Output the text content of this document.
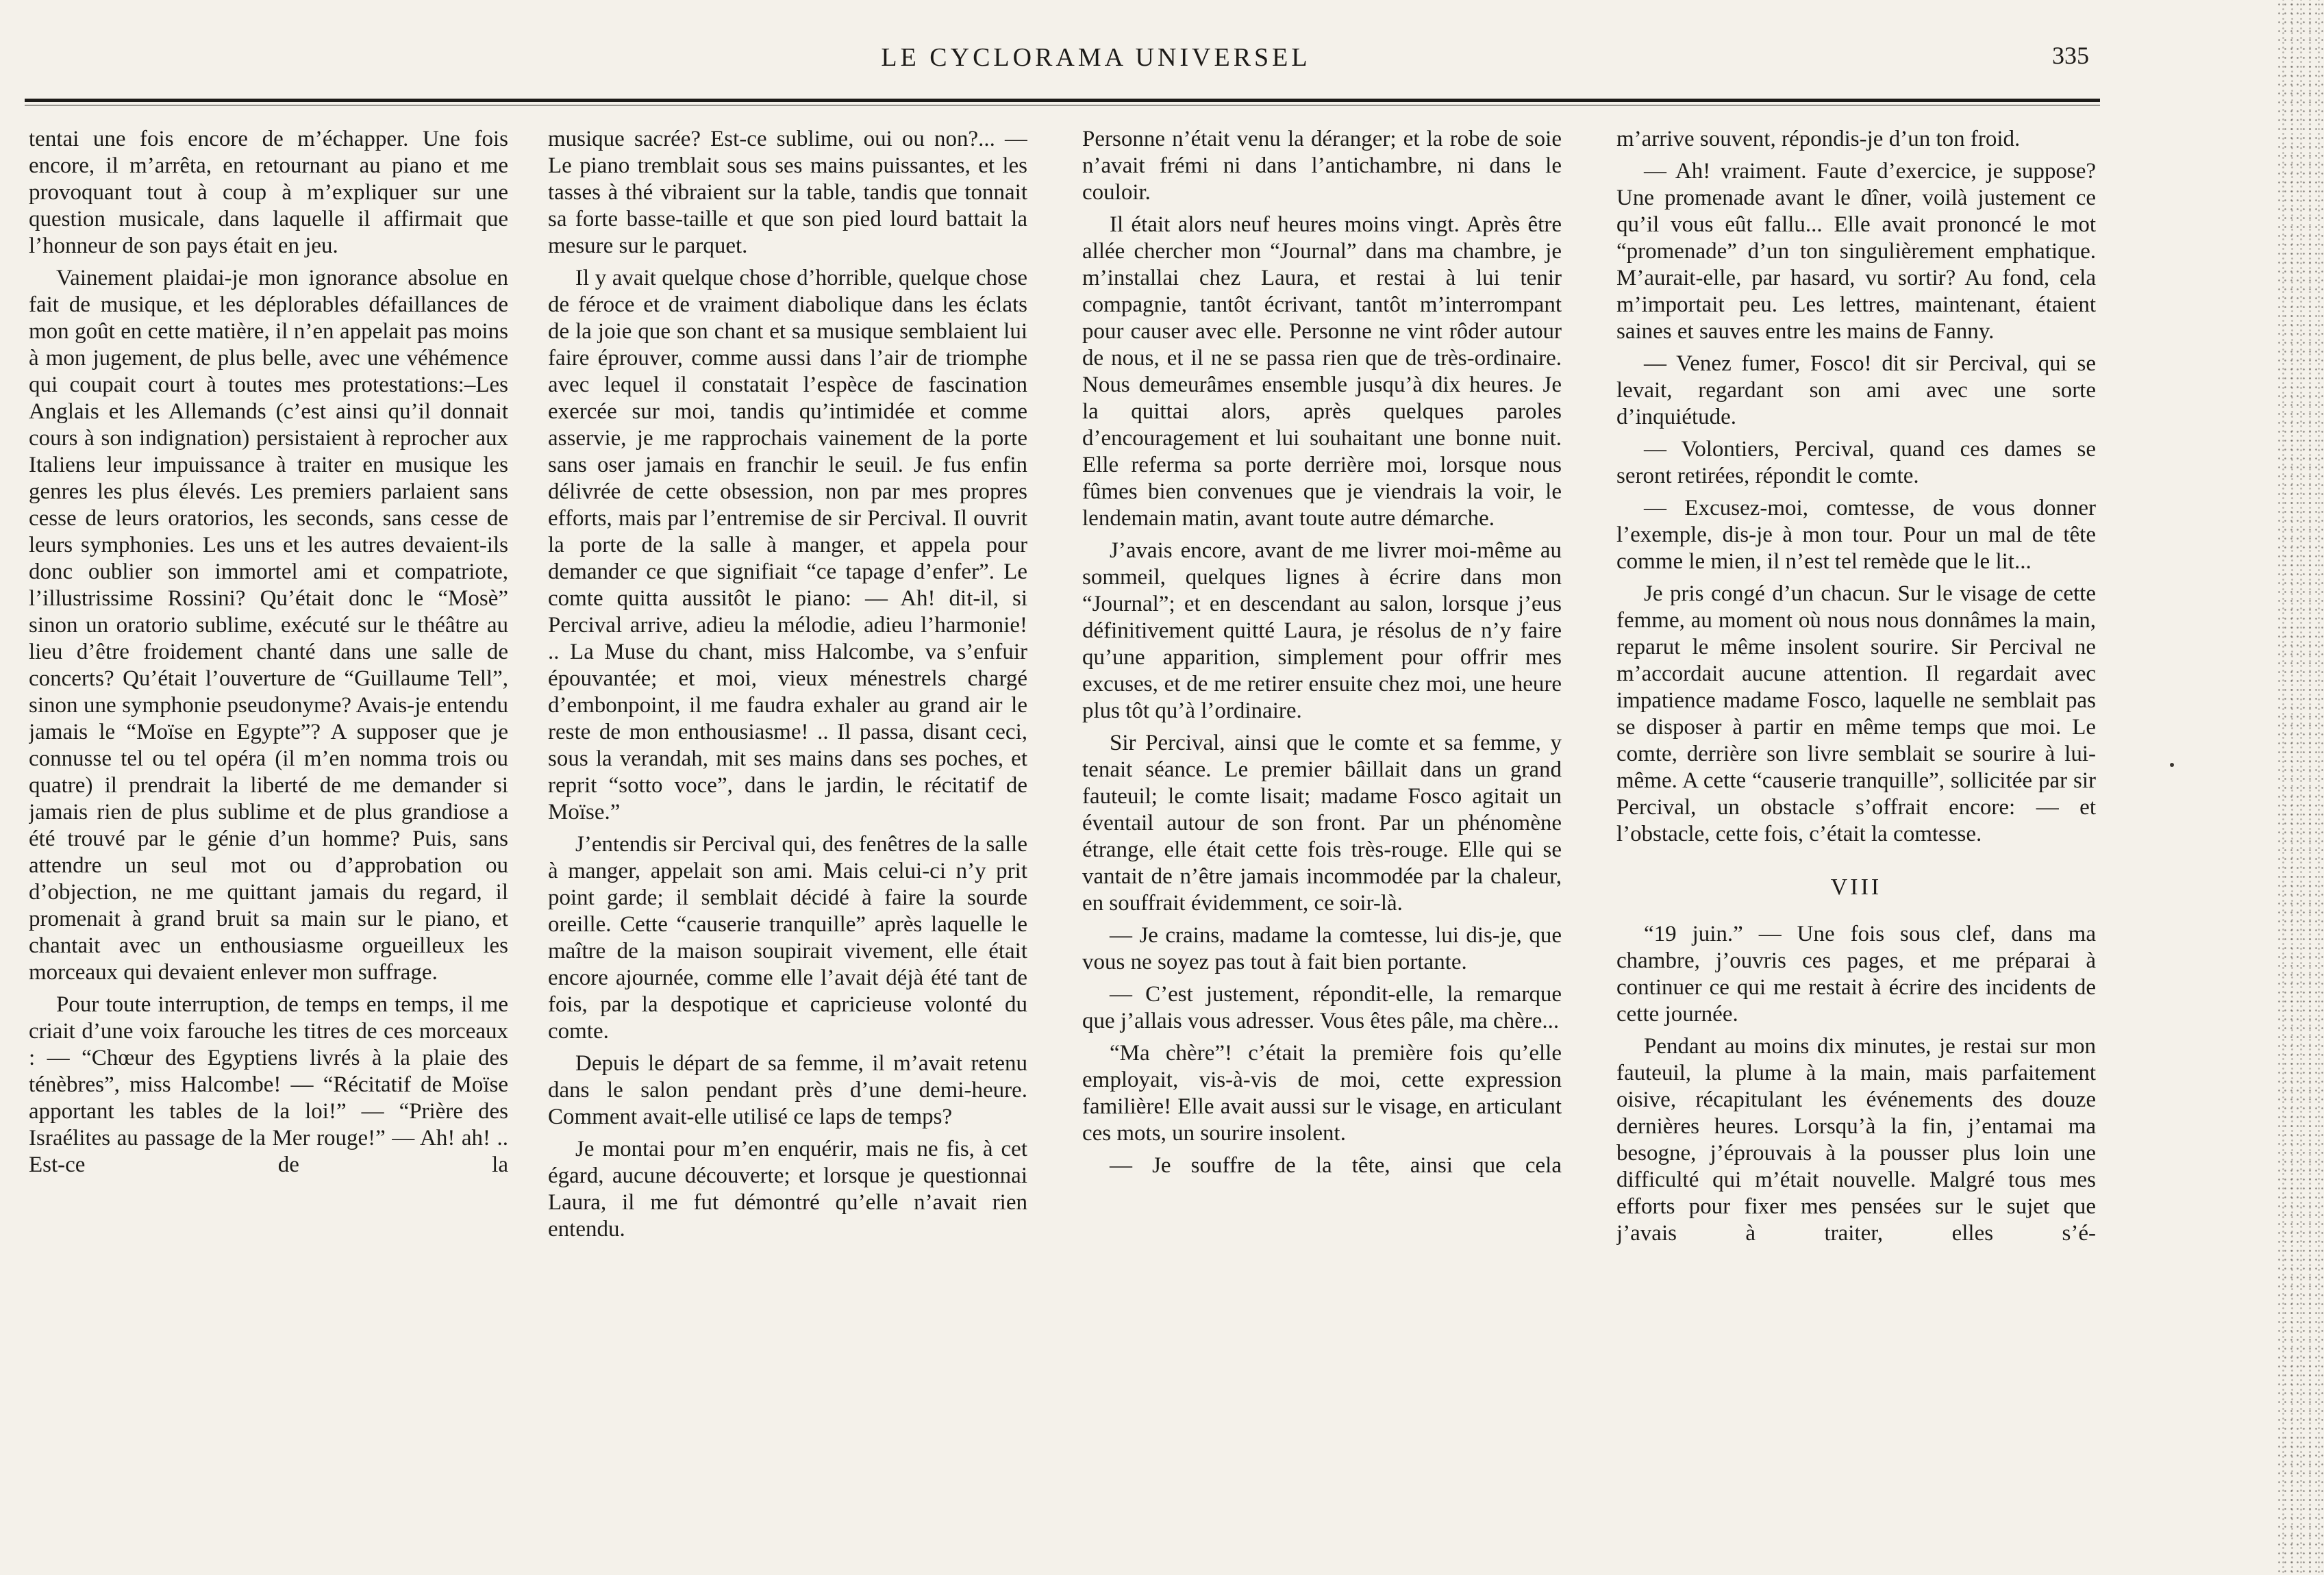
LE CYCLORAMA UNIVERSEL	335

tentai une fois encore de m’échapper. Une fois encore, il m’arrêta, en retournant au piano et me provoquant tout à coup à m’expliquer sur une question musicale, dans laquelle il affirmait que l’honneur de son pays était en jeu.

Vainement plaidai-je mon ignorance absolue en fait de musique, et les déplorables défaillances de mon goût en cette matière, il n’en appelait pas moins à mon jugement, de plus belle, avec une véhémence qui coupait court à toutes mes protestations:–Les Anglais et les Allemands (c’est ainsi qu’il donnait cours à son indignation) persistaient à reprocher aux Italiens leur impuissance à traiter en musique les genres les plus élevés. Les premiers parlaient sans cesse de leurs oratorios, les seconds, sans cesse de leurs symphonies. Les uns et les autres devaient-ils donc oublier son immortel ami et compatriote, l’illustrissime Rossini? Qu’était donc le “Mosè” sinon un oratorio sublime, exécuté sur le théâtre au lieu d’être froidement chanté dans une salle de concerts? Qu’était l’ouverture de “Guillaume Tell”, sinon une symphonie pseudonyme? Avais-je entendu jamais le “Moïse en Egypte”? A supposer que je connusse tel ou tel opéra (il m’en nomma trois ou quatre) il prendrait la liberté de me demander si jamais rien de plus sublime et de plus grandiose a été trouvé par le génie d’un homme? Puis, sans attendre un seul mot ou d’approbation ou d’objection, ne me quittant jamais du regard, il promenait à grand bruit sa main sur le piano, et chantait avec un enthousiasme orgueilleux les morceaux qui devaient enlever mon suffrage.

Pour toute interruption, de temps en temps, il me criait d’une voix farouche les titres de ces morceaux : — “Chœur des Egyptiens livrés à la plaie des ténèbres”, miss Halcombe! — “Récitatif de Moïse apportant les tables de la loi!” — “Prière des Israélites au passage de la Mer rouge!” — Ah! ah! .. Est-ce de la

musique sacrée? Est-ce sublime, oui ou non?... — Le piano tremblait sous ses mains puissantes, et les tasses à thé vibraient sur la table, tandis que tonnait sa forte basse-taille et que son pied lourd battait la mesure sur le parquet.

Il y avait quelque chose d’horrible, quelque chose de féroce et de vraiment diabolique dans les éclats de la joie que son chant et sa musique semblaient lui faire éprouver, comme aussi dans l’air de triomphe avec lequel il constatait l’espèce de fascination exercée sur moi, tandis qu’intimidée et comme asservie, je me rapprochais vainement de la porte sans oser jamais en franchir le seuil. Je fus enfin délivrée de cette obsession, non par mes propres efforts, mais par l’entremise de sir Percival. Il ouvrit la porte de la salle à manger, et appela pour demander ce que signifiait “ce tapage d’enfer”. Le comte quitta aussitôt le piano: — Ah! dit-il, si Percival arrive, adieu la mélodie, adieu l’harmonie! .. La Muse du chant, miss Halcombe, va s’enfuir épouvantée; et moi, vieux ménestrels chargé d’embonpoint, il me faudra exhaler au grand air le reste de mon enthousiasme! .. Il passa, disant ceci, sous la verandah, mit ses mains dans ses poches, et reprit “sotto voce”, dans le jardin, le récitatif de Moïse.”

J’entendis sir Percival qui, des fenêtres de la salle à manger, appelait son ami. Mais celui-ci n’y prit point garde; il semblait décidé à faire la sourde oreille. Cette “causerie tranquille” après laquelle le maître de la maison soupirait vivement, elle était encore ajournée, comme elle l’avait déjà été tant de fois, par la despotique et capricieuse volonté du comte.

Depuis le départ de sa femme, il m’avait retenu dans le salon pendant près d’une demi-heure. Comment avait-elle utilisé ce laps de temps?

Je montai pour m’en enquérir, mais ne fis, à cet égard, aucune découverte; et lorsque je questionnai Laura, il me fut démontré qu’elle n’avait rien entendu.

Personne n’était venu la déranger; et la robe de soie n’avait frémi ni dans l’antichambre, ni dans le couloir.

Il était alors neuf heures moins vingt. Après être allée chercher mon “Journal” dans ma chambre, je m’installai chez Laura, et restai à lui tenir compagnie, tantôt écrivant, tantôt m’interrompant pour causer avec elle. Personne ne vint rôder autour de nous, et il ne se passa rien que de très-ordinaire. Nous demeurâmes ensemble jusqu’à dix heures. Je la quittai alors, après quelques paroles d’encouragement et lui souhaitant une bonne nuit. Elle referma sa porte derrière moi, lorsque nous fûmes bien convenues que je viendrais la voir, le lendemain matin, avant toute autre démarche.

J’avais encore, avant de me livrer moi-même au sommeil, quelques lignes à écrire dans mon “Journal”; et en descendant au salon, lorsque j’eus définitivement quitté Laura, je résolus de n’y faire qu’une apparition, simplement pour offrir mes excuses, et de me retirer ensuite chez moi, une heure plus tôt qu’à l’ordinaire.

Sir Percival, ainsi que le comte et sa femme, y tenait séance. Le premier bâillait dans un grand fauteuil; le comte lisait; madame Fosco agitait un éventail autour de son front. Par un phénomène étrange, elle était cette fois très-rouge. Elle qui se vantait de n’être jamais incommodée par la chaleur, en souffrait évidemment, ce soir-là.

— Je crains, madame la comtesse, lui dis-je, que vous ne soyez pas tout à fait bien portante.

— C’est justement, répondit-elle, la remarque que j’allais vous adresser. Vous êtes pâle, ma chère...

“Ma chère”! c’était la première fois qu’elle employait, vis-à-vis de moi, cette expression familière! Elle avait aussi sur le visage, en articulant ces mots, un sourire insolent.

— Je souffre de la tête, ainsi que cela

m’arrive souvent, répondis-je d’un ton froid.

— Ah! vraiment. Faute d’exercice, je suppose? Une promenade avant le dîner, voilà justement ce qu’il vous eût fallu... Elle avait prononcé le mot “promenade” d’un ton singulièrement emphatique. M’aurait-elle, par hasard, vu sortir? Au fond, cela m’importait peu. Les lettres, maintenant, étaient saines et sauves entre les mains de Fanny.

— Venez fumer, Fosco! dit sir Percival, qui se levait, regardant son ami avec une sorte d’inquiétude.

— Volontiers, Percival, quand ces dames se seront retirées, répondit le comte.

— Excusez-moi, comtesse, de vous donner l’exemple, dis-je à mon tour. Pour un mal de tête comme le mien, il n’est tel remède que le lit...

Je pris congé d’un chacun. Sur le visage de cette femme, au moment où nous nous donnâmes la main, reparut le même insolent sourire. Sir Percival ne m’accordait aucune attention. Il regardait avec impatience madame Fosco, laquelle ne semblait pas se disposer à partir en même temps que moi. Le comte, derrière son livre semblait se sourire à lui-même. A cette “causerie tranquille”, sollicitée par sir Percival, un obstacle s’offrait encore: — et l’obstacle, cette fois, c’était la comtesse.

VIII

“19 juin.” — Une fois sous clef, dans ma chambre, j’ouvris ces pages, et me préparai à continuer ce qui me restait à écrire des incidents de cette journée.

Pendant au moins dix minutes, je restai sur mon fauteuil, la plume à la main, mais parfaitement oisive, récapitulant les événements des douze dernières heures. Lorsqu’à la fin, j’entamai ma besogne, j’éprouvais à la pousser plus loin une difficulté qui m’était nouvelle. Malgré tous mes efforts pour fixer mes pensées sur le sujet que j’avais à traiter, elles s’é-
